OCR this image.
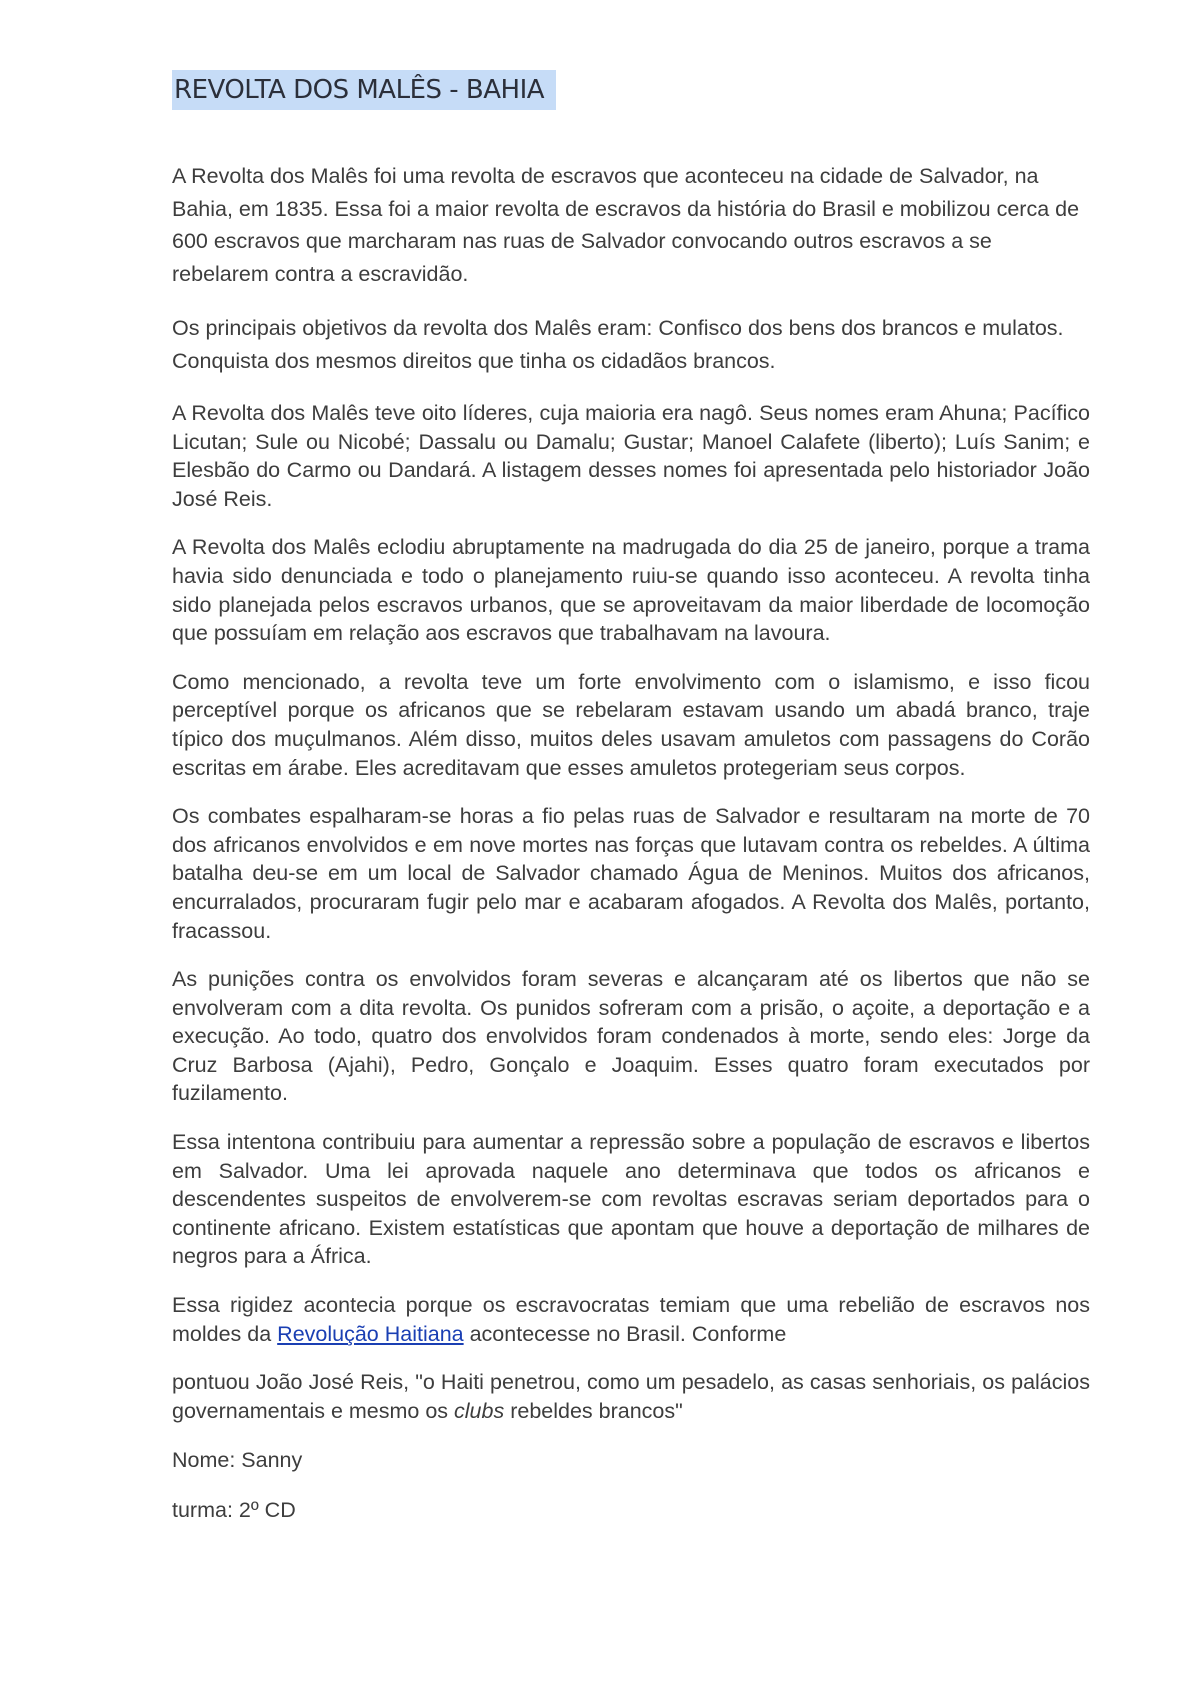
REVOLTA DOS MALÊS - BAHIA

A Revolta dos Malês foi uma revolta de escravos que aconteceu na cidade de Salvador, na Bahia, em 1835. Essa foi a maior revolta de escravos da história do Brasil e mobilizou cerca de 600 escravos que marcharam nas ruas de Salvador convocando outros escravos a se rebelarem contra a escravidão.

Os principais objetivos da revolta dos Malês eram: Confisco dos bens dos brancos e mulatos. Conquista dos mesmos direitos que tinha os cidadãos brancos.

A Revolta dos Malês teve oito líderes, cuja maioria era nagô. Seus nomes eram Ahuna; Pacífico Licutan; Sule ou Nicobé; Dassalu ou Damalu; Gustar; Manoel Calafete (liberto); Luís Sanim; e Elesbão do Carmo ou Dandará. A listagem desses nomes foi apresentada pelo historiador João José Reis.

A Revolta dos Malês eclodiu abruptamente na madrugada do dia 25 de janeiro, porque a trama havia sido denunciada e todo o planejamento ruiu-se quando isso aconteceu. A revolta tinha sido planejada pelos escravos urbanos, que se aproveitavam da maior liberdade de locomoção que possuíam em relação aos escravos que trabalhavam na lavoura.

Como mencionado, a revolta teve um forte envolvimento com o islamismo, e isso ficou perceptível porque os africanos que se rebelaram estavam usando um abadá branco, traje típico dos muçulmanos. Além disso, muitos deles usavam amuletos com passagens do Corão escritas em árabe. Eles acreditavam que esses amuletos protegeriam seus corpos.

Os combates espalharam-se horas a fio pelas ruas de Salvador e resultaram na morte de 70 dos africanos envolvidos e em nove mortes nas forças que lutavam contra os rebeldes. A última batalha deu-se em um local de Salvador chamado Água de Meninos. Muitos dos africanos, encurralados, procuraram fugir pelo mar e acabaram afogados. A Revolta dos Malês, portanto, fracassou.

As punições contra os envolvidos foram severas e alcançaram até os libertos que não se envolveram com a dita revolta. Os punidos sofreram com a prisão, o açoite, a deportação e a execução. Ao todo, quatro dos envolvidos foram condenados à morte, sendo eles: Jorge da Cruz Barbosa (Ajahi), Pedro, Gonçalo e Joaquim. Esses quatro foram executados por fuzilamento.

Essa intentona contribuiu para aumentar a repressão sobre a população de escravos e libertos em Salvador. Uma lei aprovada naquele ano determinava que todos os africanos e descendentes suspeitos de envolverem-se com revoltas escravas seriam deportados para o continente africano. Existem estatísticas que apontam que houve a deportação de milhares de negros para a África.

Essa rigidez acontecia porque os escravocratas temiam que uma rebelião de escravos nos moldes da Revolução Haitiana acontecesse no Brasil. Conforme

pontuou João José Reis, "o Haiti penetrou, como um pesadelo, as casas senhoriais, os palácios governamentais e mesmo os clubs rebeldes brancos"

Nome: Sanny

turma: 2º CD
